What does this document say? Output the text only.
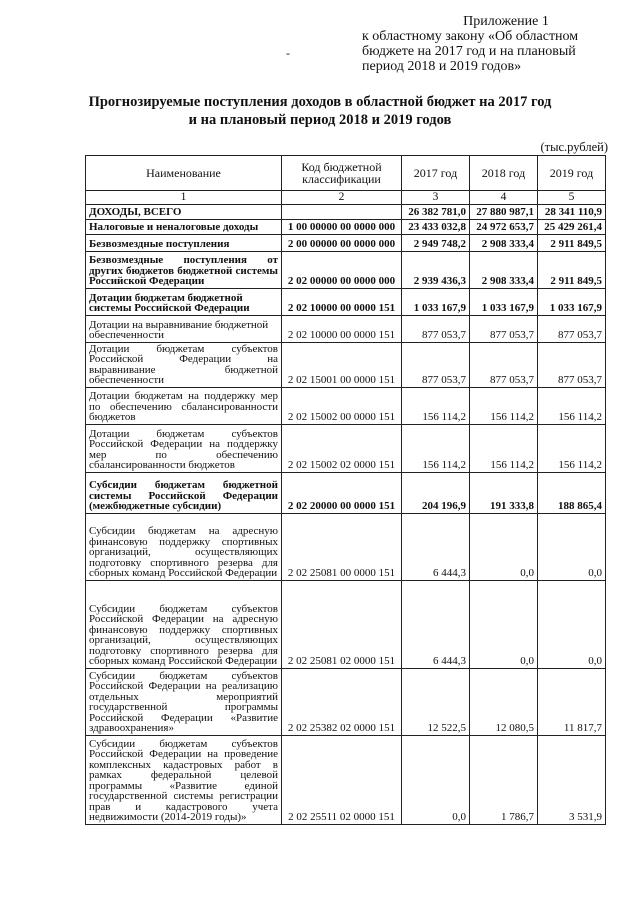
Приложение 1
к областному закону «Об областном
бюджете на 2017 год и на плановый
период 2018 и 2019 годов»
-
Прогнозируемые поступления доходов в областной бюджет на 2017 год
и на плановый период 2018 и 2019 годов
(тыс.рублей)
Наименование	Код бюджетной классификации	2017 год	2018 год	2019 год
1	2	3	4	5
ДОХОДЫ, ВСЕГО		26 382 781,0	27 880 987,1	28 341 110,9
Налоговые и неналоговые доходы	1 00 00000 00 0000 000	23 433 032,8	24 972 653,7	25 429 261,4
Безвозмездные поступления	2 00 00000 00 0000 000	2 949 748,2	2 908 333,4	2 911 849,5
Безвозмездные поступления от других бюджетов бюджетной системы Российской Федерации	2 02 00000 00 0000 000	2 939 436,3	2 908 333,4	2 911 849,5
Дотации бюджетам бюджетной системы Российской Федерации	2 02 10000 00 0000 151	1 033 167,9	1 033 167,9	1 033 167,9
Дотации на выравнивание бюджетной обеспеченности	2 02 10000 00 0000 151	877 053,7	877 053,7	877 053,7
Дотации бюджетам субъектов Российской Федерации на выравнивание бюджетной обеспеченности	2 02 15001 00 0000 151	877 053,7	877 053,7	877 053,7
Дотации бюджетам на поддержку мер по обеспечению сбалансированности бюджетов	2 02 15002 00 0000 151	156 114,2	156 114,2	156 114,2
Дотации бюджетам субъектов Российской Федерации на поддержку мер по обеспечению сбалансированности бюджетов	2 02 15002 02 0000 151	156 114,2	156 114,2	156 114,2
Субсидии бюджетам бюджетной системы Российской Федерации (межбюджетные субсидии)	2 02 20000 00 0000 151	204 196,9	191 333,8	188 865,4
Субсидии бюджетам на адресную финансовую поддержку спортивных организаций, осуществляющих подготовку спортивного резерва для сборных команд Российской Федерации	2 02 25081 00 0000 151	6 444,3	0,0	0,0
Субсидии бюджетам субъектов Российской Федерации на адресную финансовую поддержку спортивных организаций, осуществляющих подготовку спортивного резерва для сборных команд Российской Федерации	2 02 25081 02 0000 151	6 444,3	0,0	0,0
Субсидии бюджетам субъектов Российской Федерации на реализацию отдельных мероприятий государственной программы Российской Федерации «Развитие здравоохранения»	2 02 25382 02 0000 151	12 522,5	12 080,5	11 817,7
Субсидии бюджетам субъектов Российской Федерации на проведение комплексных кадастровых работ в рамках федеральной целевой программы «Развитие единой государственной системы регистрации прав и кадастрового учета недвижимости (2014-2019 годы)»	2 02 25511 02 0000 151	0,0	1 786,7	3 531,9
